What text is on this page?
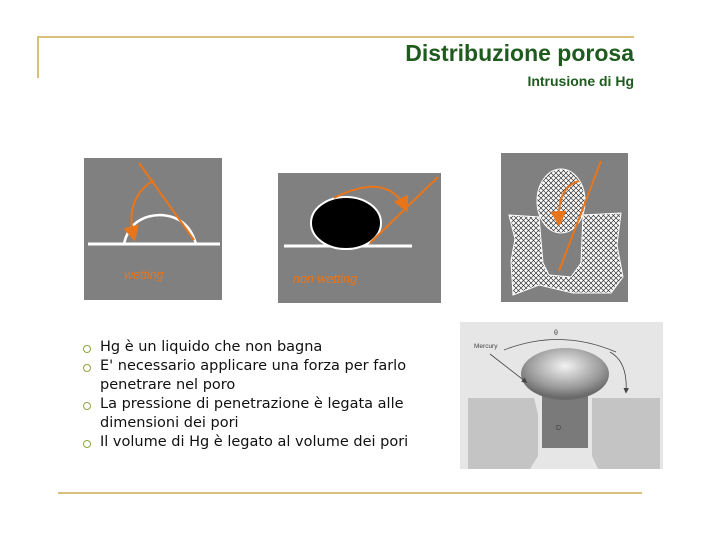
Distribuzione porosa
Intrusione di Hg
wetting	non wetting
Mercury
θ
D
Hg è un liquido che non bagna
E' necessario applicare una forza per farlo penetrare nel poro
La pressione di penetrazione è legata alle dimensioni dei pori
Il volume di Hg è legato al volume dei pori
